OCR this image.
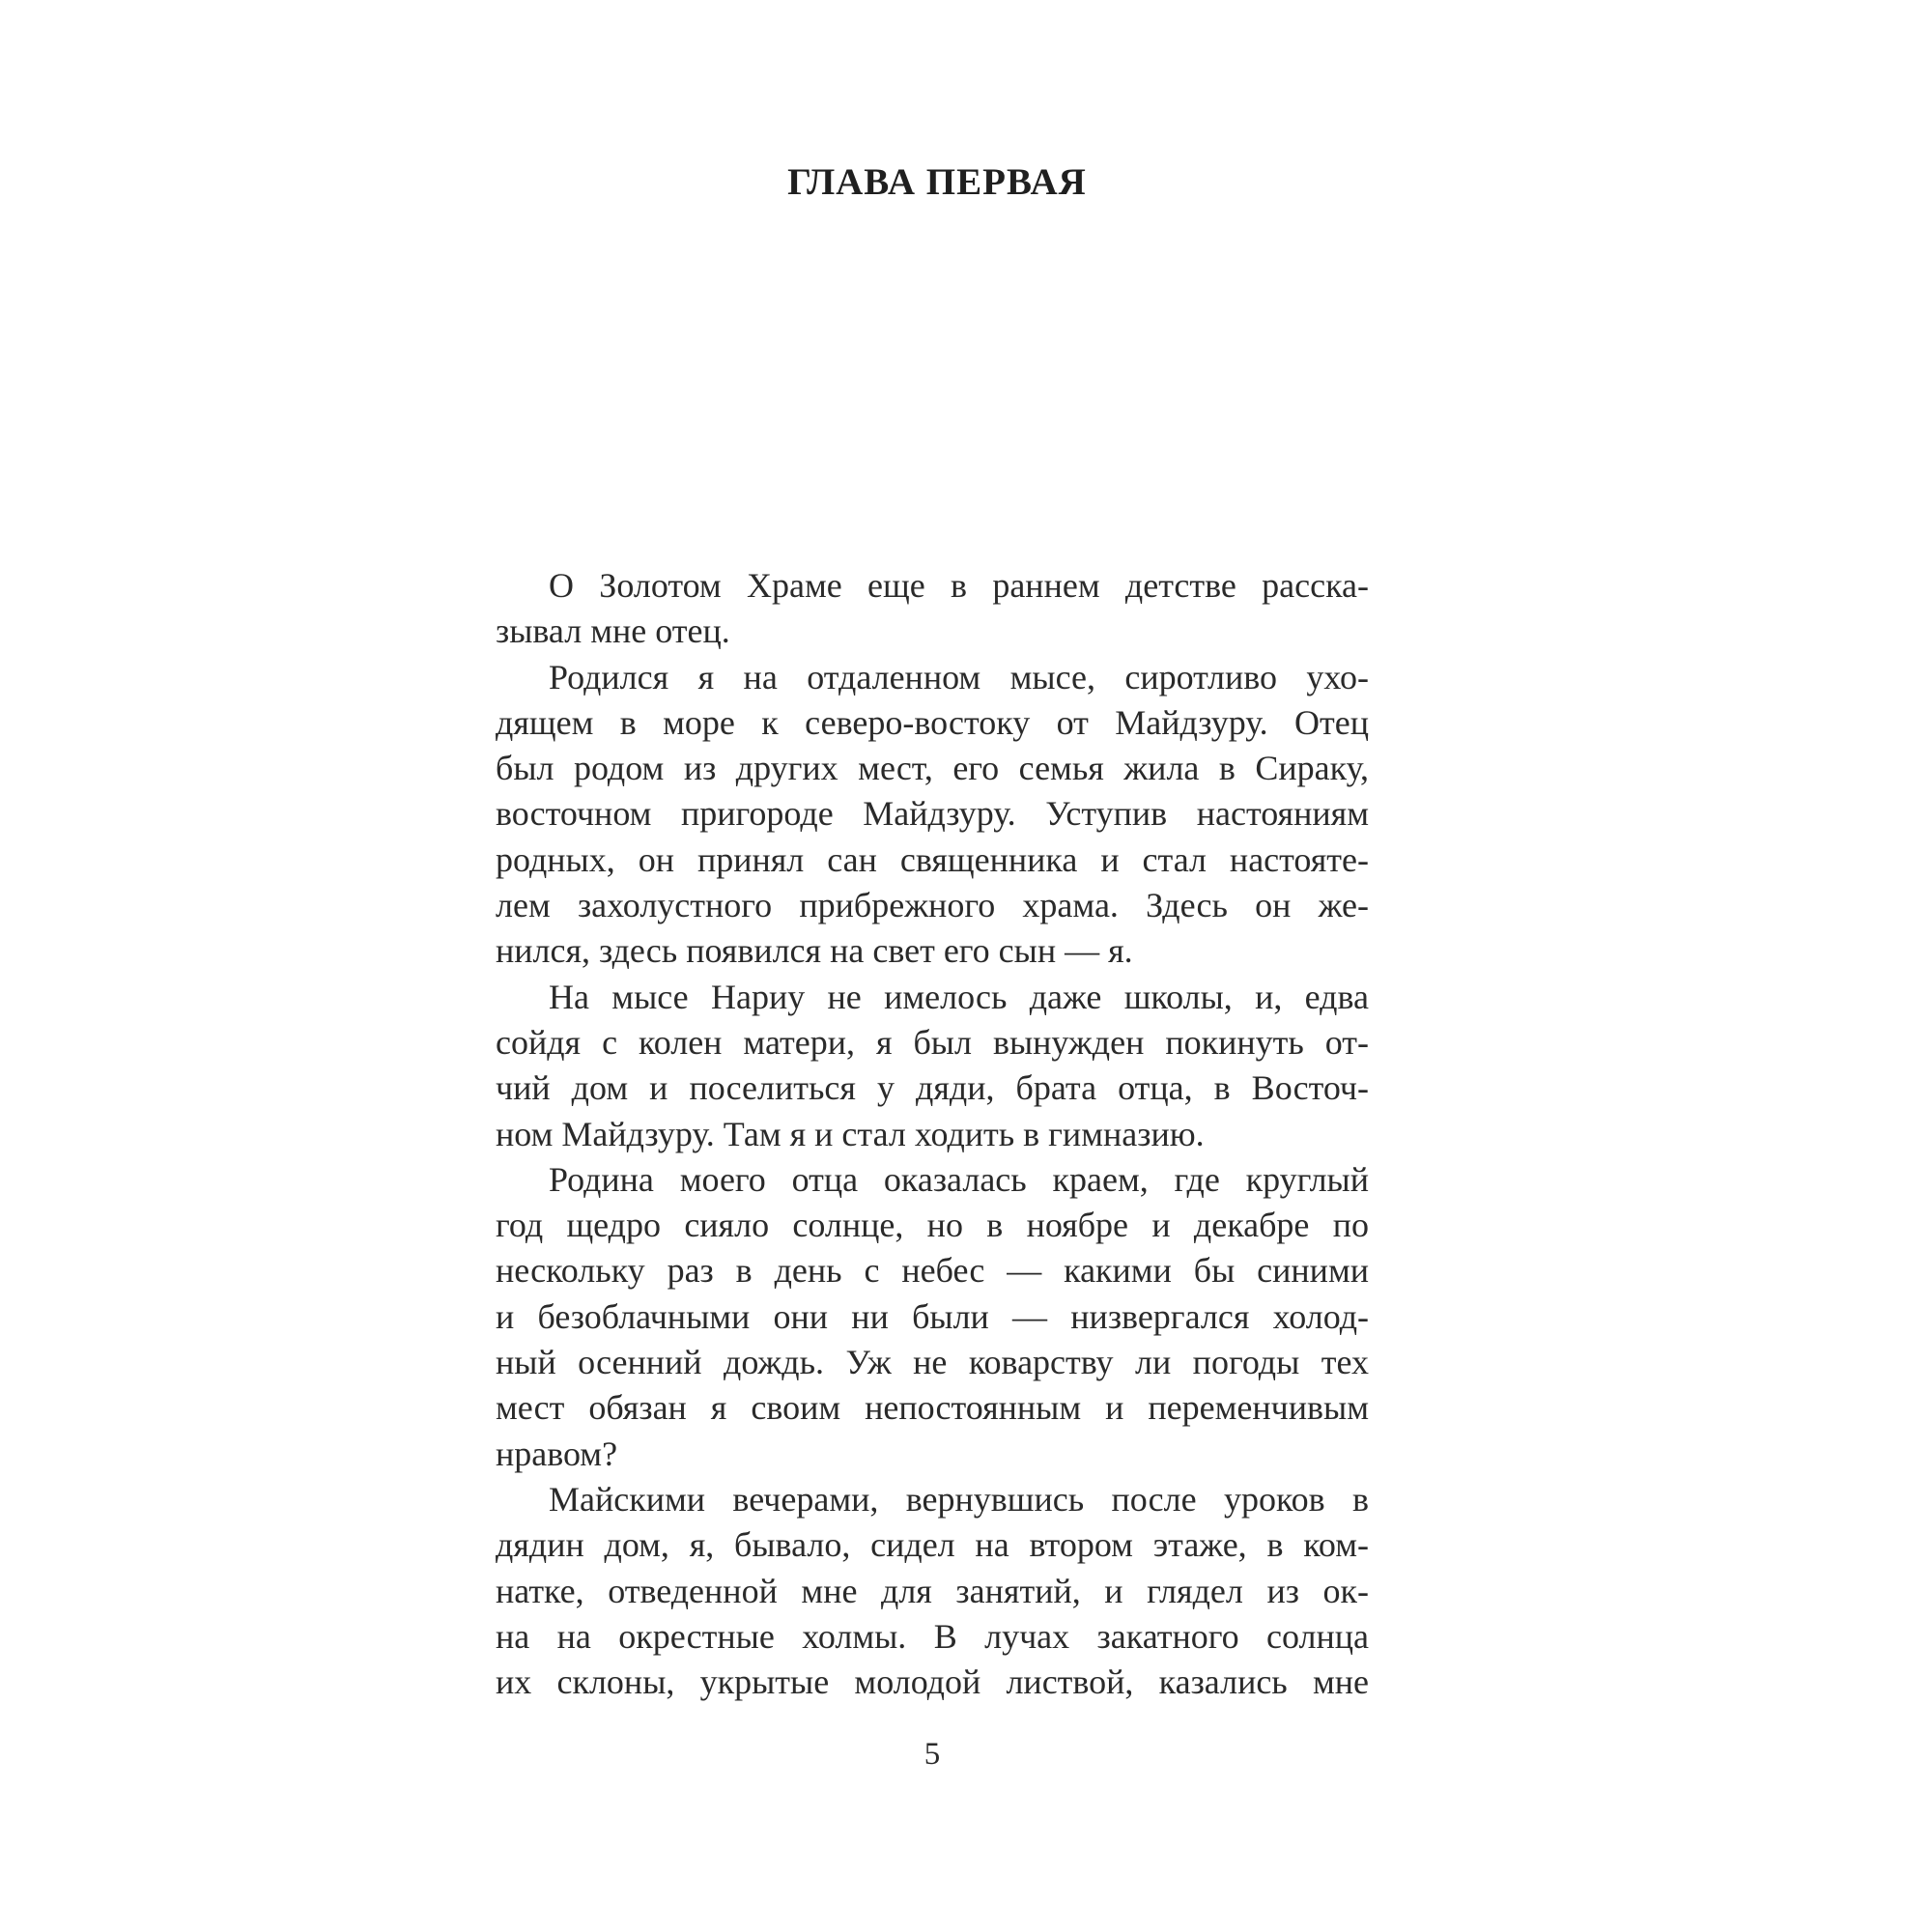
ГЛАВА ПЕРВАЯ
О Золотом Храме еще в раннем детстве расска-
зывал мне отец.
Родился я на отдаленном мысе, сиротливо ухо-
дящем в море к северо-востоку от Майдзуру. Отец
был родом из других мест, его семья жила в Сираку,
восточном пригороде Майдзуру. Уступив настояниям
родных, он принял сан священника и стал настояте-
лем захолустного прибрежного храма. Здесь он же-
нился, здесь появился на свет его сын — я.
На мысе Нариу не имелось даже школы, и, едва
сойдя с колен матери, я был вынужден покинуть от-
чий дом и поселиться у дяди, брата отца, в Восточ-
ном Майдзуру. Там я и стал ходить в гимназию.
Родина моего отца оказалась краем, где круглый
год щедро сияло солнце, но в ноябре и декабре по
нескольку раз в день с небес — какими бы синими
и безоблачными они ни были — низвергался холод-
ный осенний дождь. Уж не коварству ли погоды тех
мест обязан я своим непостоянным и переменчивым
нравом?
Майскими вечерами, вернувшись после уроков в
дядин дом, я, бывало, сидел на втором этаже, в ком-
натке, отведенной мне для занятий, и глядел из ок-
на на окрестные холмы. В лучах закатного солнца
их склоны, укрытые молодой листвой, казались мне
5
